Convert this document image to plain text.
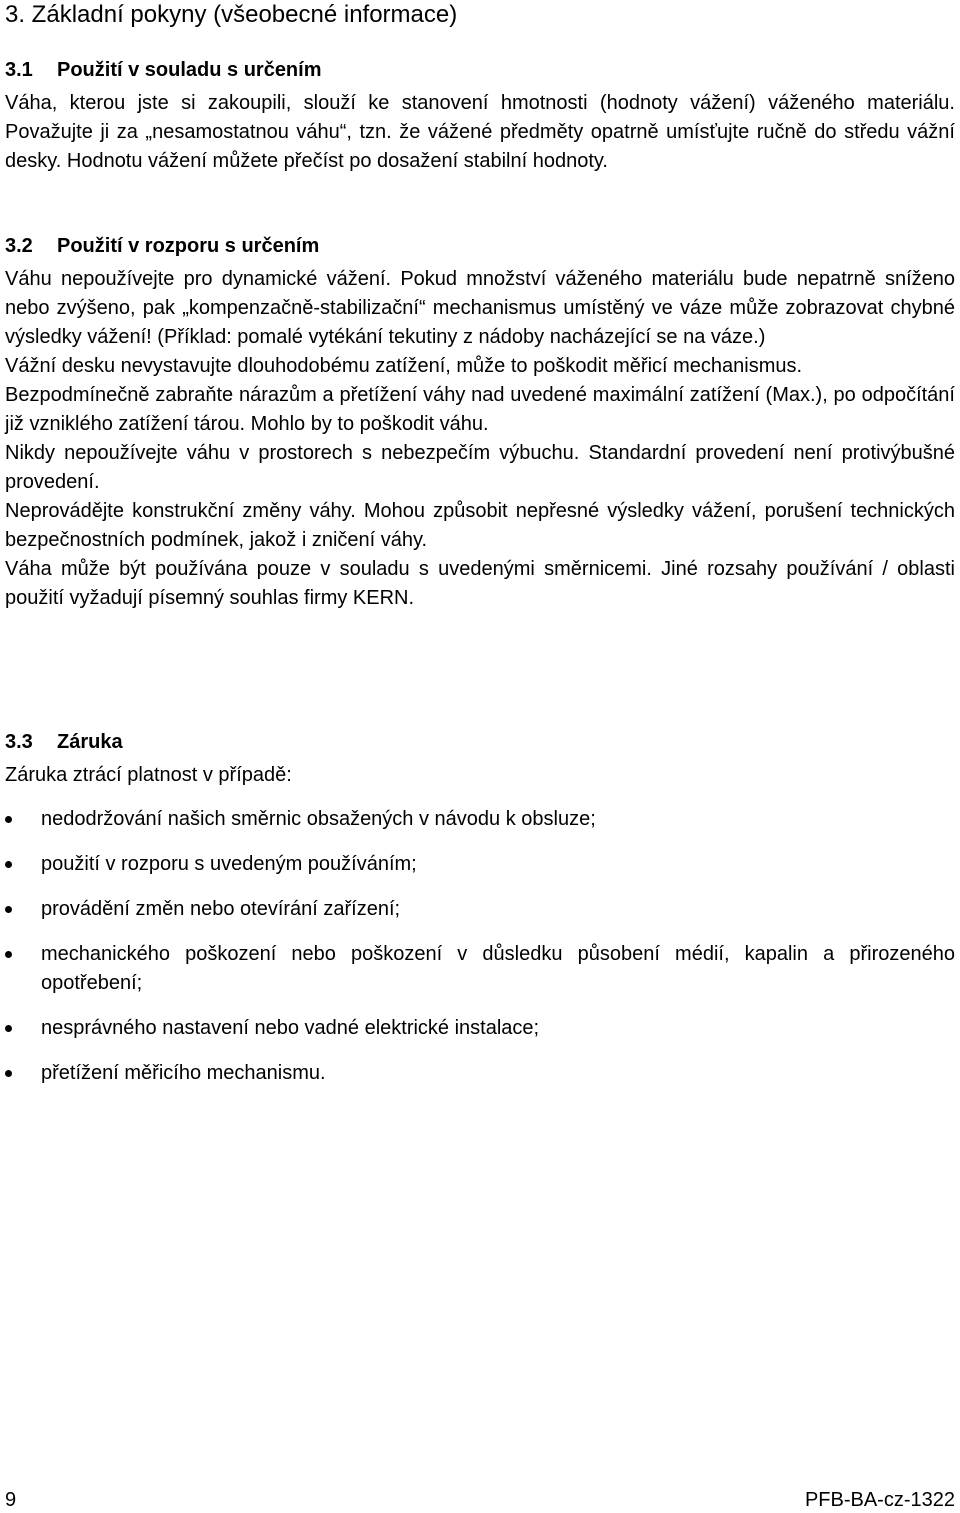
3. Základní pokyny (všeobecné informace)
3.1 Použití v souladu s určením

Váha, kterou jste si zakoupili, slouží ke stanovení hmotnosti (hodnoty vážení) váženého materiálu. Považujte ji za „nesamostatnou váhu“, tzn. že vážené předměty opatrně umísťujte ručně do středu vážní desky. Hodnotu vážení můžete přečíst po dosažení stabilní hodnoty.

3.2 Použití v rozporu s určením

Váhu nepoužívejte pro dynamické vážení. Pokud množství váženého materiálu bude nepatrně sníženo nebo zvýšeno, pak „kompenzačně-stabilizační“ mechanismus umístěný ve váze může zobrazovat chybné výsledky vážení! (Příklad: pomalé vytékání tekutiny z nádoby nacházející se na váze.)

Vážní desku nevystavujte dlouhodobému zatížení, může to poškodit měřicí mechanismus.

Bezpodmínečně zabraňte nárazům a přetížení váhy nad uvedené maximální zatížení (Max.), po odpočítání již vzniklého zatížení tárou. Mohlo by to poškodit váhu.

Nikdy nepoužívejte váhu v prostorech s nebezpečím výbuchu. Standardní provedení není protivýbušné provedení.

Neprovádějte konstrukční změny váhy. Mohou způsobit nepřesné výsledky vážení, porušení technických bezpečnostních podmínek, jakož i zničení váhy.

Váha může být používána pouze v souladu s uvedenými směrnicemi. Jiné rozsahy používání / oblasti použití vyžadují písemný souhlas firmy KERN.

3.3 Záruka

Záruka ztrácí platnost v případě:

nedodržování našich směrnic obsažených v návodu k obsluze;
použití v rozporu s uvedeným používáním;
provádění změn nebo otevírání zařízení;
mechanického poškození nebo poškození v důsledku působení médií, kapalin a přirozeného opotřebení;
nesprávného nastavení nebo vadné elektrické instalace;
přetížení měřicího mechanismu.
9	PFB-BA-cz-1322
